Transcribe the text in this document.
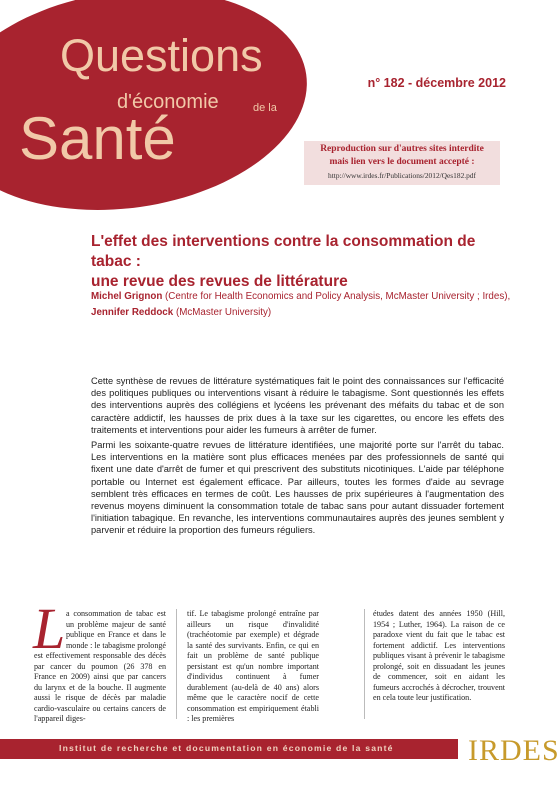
Questions
d'économie	de la
Santé
n° 182 - décembre 2012
Reproduction sur d'autres sites interdite
mais lien vers le document accepté :
http://www.irdes.fr/Publications/2012/Qes182.pdf
L'effet des interventions contre la consommation de tabac :
une revue des revues de littérature
Michel Grignon (Centre for Health Economics and Policy Analysis, McMaster University ; Irdes),
Jennifer Reddock (McMaster University)

Cette synthèse de revues de littérature systématiques fait le point des connaissances sur l'efficacité des politiques publiques ou interventions visant à réduire le tabagisme. Sont questionnés les effets des interventions auprès des collégiens et lycéens les prévenant des méfaits du tabac et de son caractère addictif, les hausses de prix dues à la taxe sur les cigarettes, ou encore les effets des traitements et interventions pour aider les fumeurs à arrêter de fumer.

Parmi les soixante-quatre revues de littérature identifiées, une majorité porte sur l'arrêt du tabac. Les interventions en la matière sont plus efficaces menées par des professionnels de santé qui fixent une date d'arrêt de fumer et qui prescrivent des substituts nicotiniques. L'aide par téléphone portable ou Internet est également efficace. Par ailleurs, toutes les formes d'aide au sevrage semblent très efficaces en termes de coût. Les hausses de prix supérieures à l'augmentation des revenus moyens diminuent la consommation totale de tabac sans pour autant dissuader fortement l'initiation tabagique. En revanche, les interventions communautaires auprès des jeunes semblent y parvenir et réduire la proportion des fumeurs réguliers.

L a consommation de tabac est un problème majeur de santé publique en France et dans le monde : le tabagisme prolongé est effectivement responsable des décès par cancer du poumon (26 378 en France en 2009) ainsi que par cancers du larynx et de la bouche. Il augmente aussi le risque de décès par maladie cardio-vasculaire ou certains cancers de l'appareil diges-
tif. Le tabagisme prolongé entraîne par ailleurs un risque d'invalidité (trachéotomie par exemple) et dégrade la santé des survivants. Enfin, ce qui en fait un problème de santé publique persistant est qu'un nombre important d'individus continuent à fumer durablement (au-delà de 40 ans) alors même que le caractère nocif de cette consommation est empiriquement établi : les premières
études datent des années 1950 (Hill, 1954 ; Luther, 1964). La raison de ce paradoxe vient du fait que le tabac est fortement addictif. Les interventions publiques visant à prévenir le tabagisme prolongé, soit en dissuadant les jeunes de commencer, soit en aidant les fumeurs accrochés à décrocher, trouvent en cela toute leur justification.
Institut de recherche et documentation en économie de la santé IRDES
